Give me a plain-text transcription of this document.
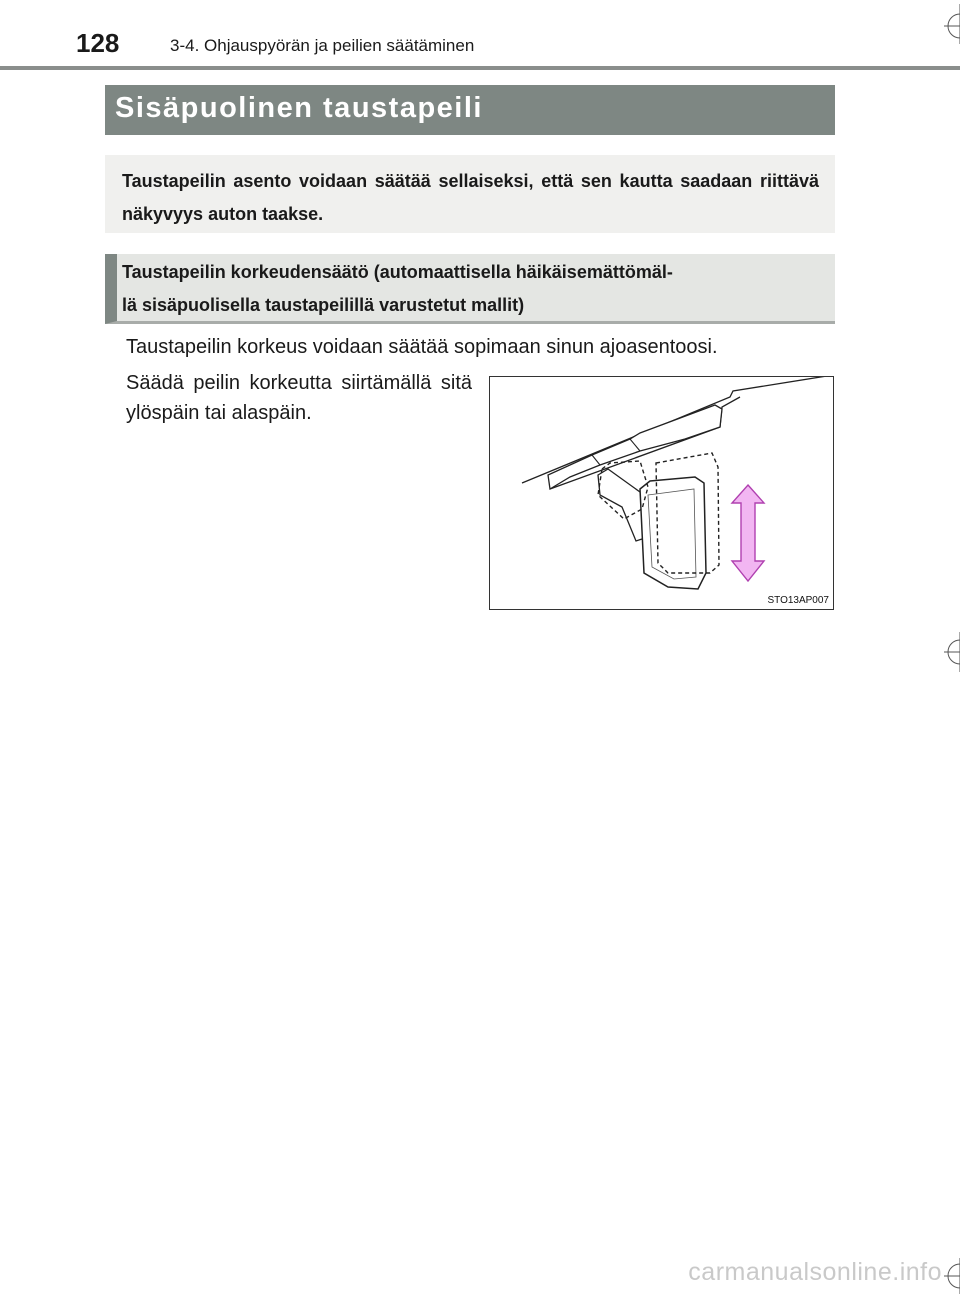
128	3-4. Ohjauspyörän ja peilien säätäminen
Sisäpuolinen taustapeili
Taustapeilin asento voidaan säätää sellaiseksi, että sen kautta saadaan riittävä näkyvyys auton taakse.
Taustapeilin korkeudensäätö (automaattisella häikäisemättömäl-
lä sisäpuolisella taustapeilillä varustetut mallit)
Taustapeilin korkeus voidaan säätää sopimaan sinun ajoasentoosi.
Säädä peilin korkeutta siirtämällä sitä ylöspäin tai alaspäin.
STO13AP007
carmanualsonline.info
